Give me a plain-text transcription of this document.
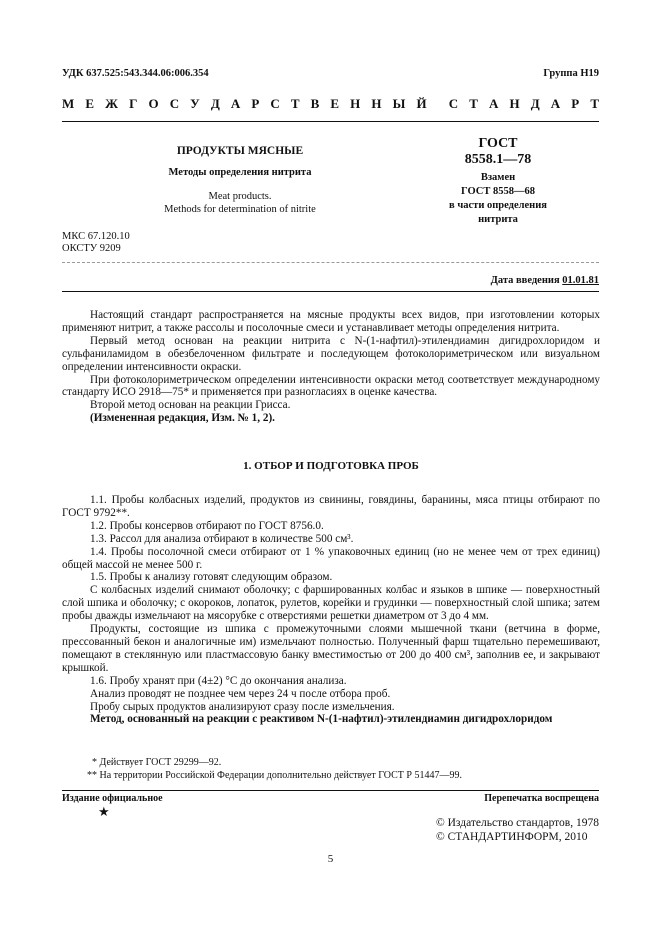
УДК 637.525:543.344.06:006.354	Группа Н19
М Е Ж Г О С У Д А Р С Т В Е Н Н Ы Й С Т А Н Д А Р Т
ПРОДУКТЫ МЯСНЫЕ
Методы определения нитрита
Meat products.
Methods for determination of nitrite
МКС 67.120.10
ОКСТУ 9209
ГОСТ
8558.1—78
Взамен
ГОСТ 8558—68
в части определения
нитрита
Дата введения 01.01.81

Настоящий стандарт распространяется на мясные продукты всех видов, при изготовлении которых применяют нитрит, а также рассолы и посолочные смеси и устанавливает методы определения нитрита.

Первый метод основан на реакции нитрита с N-(1-нафтил)-этилендиамин дигидрохлоридом и сульфаниламидом в обезбелоченном фильтрате и последующем фотоколориметрическом или визуальном определении интенсивности окраски.

При фотоколориметрическом определении интенсивности окраски метод соответствует международному стандарту ИСО 2918—75* и применяется при разногласиях в оценке качества.

Второй метод основан на реакции Грисса.

(Измененная редакция, Изм. № 1, 2).

1. ОТБОР И ПОДГОТОВКА ПРОБ

1.1. Пробы колбасных изделий, продуктов из свинины, говядины, баранины, мяса птицы отбирают по ГОСТ 9792**.

1.2. Пробы консервов отбирают по ГОСТ 8756.0.

1.3. Рассол для анализа отбирают в количестве 500 см³.

1.4. Пробы посолочной смеси отбирают от 1 % упаковочных единиц (но не менее чем от трех единиц) общей массой не менее 500 г.

1.5. Пробы к анализу готовят следующим образом.

С колбасных изделий снимают оболочку; с фаршированных колбас и языков в шпике — поверхностный слой шпика и оболочку; с окороков, лопаток, рулетов, корейки и грудинки — поверхностный слой шпика; затем пробы дважды измельчают на мясорубке с отверстиями решетки диаметром от 3 до 4 мм.

Продукты, состоящие из шпика с промежуточными слоями мышечной ткани (ветчина в форме, прессованный бекон и аналогичные им) измельчают полностью. Полученный фарш тщательно перемешивают, помещают в стеклянную или пластмассовую банку вместимостью от 200 до 400 см³, заполнив ее, и закрывают крышкой.

1.6. Пробу хранят при (4±2) °С до окончания анализа.

Анализ проводят не позднее чем через 24 ч после отбора проб.

Пробу сырых продуктов анализируют сразу после измельчения.

Метод, основанный на реакции с реактивом N-(1-нафтил)-этилендиамин дигидрохлоридом

* Действует ГОСТ 29299—92.
** На территории Российской Федерации дополнительно действует ГОСТ Р 51447—99.
Издание официальное
★
Перепечатка воспрещена
© Издательство стандартов, 1978
© СТАНДАРТИНФОРМ, 2010
5
